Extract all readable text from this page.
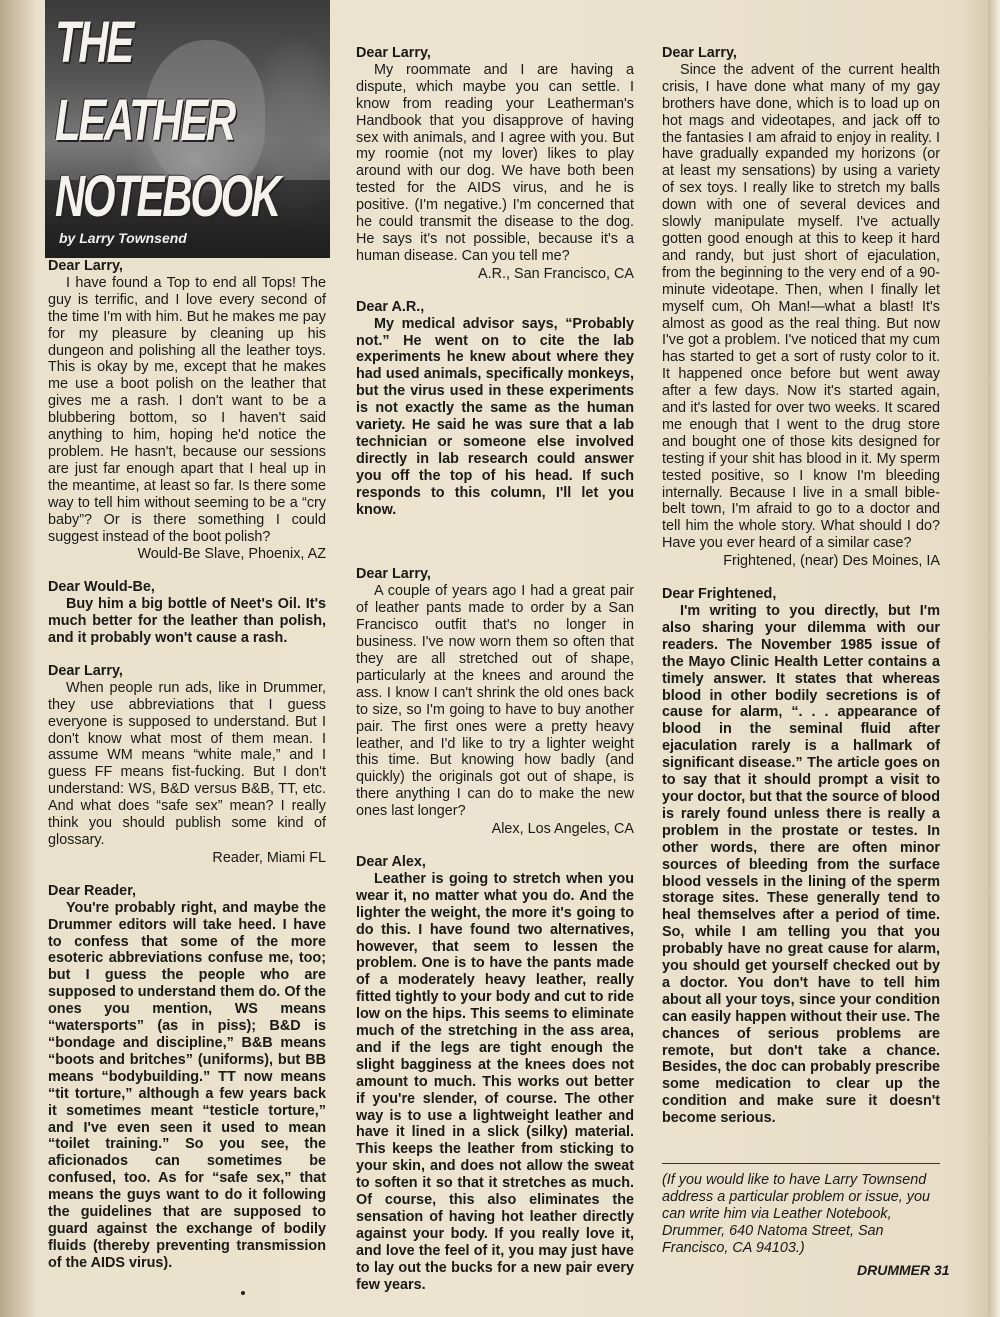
THE
LEATHER
NOTEBOOK
by Larry Townsend

Dear Larry,

I have found a Top to end all Tops! The guy is terrific, and I love every second of the time I'm with him. But he makes me pay for my pleasure by cleaning up his dungeon and polishing all the leather toys. This is okay by me, except that he makes me use a boot polish on the leather that gives me a rash. I don't want to be a blubbering bottom, so I haven't said anything to him, hoping he'd notice the problem. He hasn't, because our sessions are just far enough apart that I heal up in the meantime, at least so far. Is there some way to tell him without seeming to be a “cry baby”? Or is there something I could suggest instead of the boot polish?

Would-Be Slave, Phoenix, AZ

Dear Would-Be,

Buy him a big bottle of Neet's Oil. It's much better for the leather than polish, and it probably won't cause a rash.

Dear Larry,

When people run ads, like in Drummer, they use abbreviations that I guess everyone is supposed to understand. But I don't know what most of them mean. I assume WM means “white male,” and I guess FF means fist-fucking. But I don't understand: WS, B&D versus B&B, TT, etc. And what does “safe sex” mean? I really think you should publish some kind of glossary.

Reader, Miami FL

Dear Reader,

You're probably right, and maybe the Drummer editors will take heed. I have to confess that some of the more esoteric abbreviations confuse me, too; but I guess the people who are supposed to understand them do. Of the ones you mention, WS means “watersports” (as in piss); B&D is “bondage and discipline,” B&B means “boots and britches” (uniforms), but BB means “bodybuilding.” TT now means “tit torture,” although a few years back it sometimes meant “testicle torture,” and I've even seen it used to mean “toilet training.” So you see, the aficionados can sometimes be confused, too. As for “safe sex,” that means the guys want to do it following the guidelines that are supposed to guard against the exchange of bodily fluids (thereby preventing transmission of the AIDS virus).

Dear Larry,

My roommate and I are having a dispute, which maybe you can settle. I know from reading your Leatherman's Handbook that you disapprove of having sex with animals, and I agree with you. But my roomie (not my lover) likes to play around with our dog. We have both been tested for the AIDS virus, and he is positive. (I'm negative.) I'm concerned that he could transmit the disease to the dog. He says it's not possible, because it's a human disease. Can you tell me?

A.R., San Francisco, CA

Dear A.R.,

My medical advisor says, “Probably not.” He went on to cite the lab experiments he knew about where they had used animals, specifically monkeys, but the virus used in these experiments is not exactly the same as the human variety. He said he was sure that a lab technician or someone else involved directly in lab research could answer you off the top of his head. If such responds to this column, I'll let you know.

Dear Larry,

A couple of years ago I had a great pair of leather pants made to order by a San Francisco outfit that's no longer in business. I've now worn them so often that they are all stretched out of shape, particularly at the knees and around the ass. I know I can't shrink the old ones back to size, so I'm going to have to buy another pair. The first ones were a pretty heavy leather, and I'd like to try a lighter weight this time. But knowing how badly (and quickly) the originals got out of shape, is there anything I can do to make the new ones last longer?

Alex, Los Angeles, CA

Dear Alex,

Leather is going to stretch when you wear it, no matter what you do. And the lighter the weight, the more it's going to do this. I have found two alternatives, however, that seem to lessen the problem. One is to have the pants made of a moderately heavy leather, really fitted tightly to your body and cut to ride low on the hips. This seems to eliminate much of the stretching in the ass area, and if the legs are tight enough the slight bagginess at the knees does not amount to much. This works out better if you're slender, of course. The other way is to use a lightweight leather and have it lined in a slick (silky) material. This keeps the leather from sticking to your skin, and does not allow the sweat to soften it so that it stretches as much. Of course, this also eliminates the sensation of having hot leather directly against your body. If you really love it, and love the feel of it, you may just have to lay out the bucks for a new pair every few years.

Dear Larry,

Since the advent of the current health crisis, I have done what many of my gay brothers have done, which is to load up on hot mags and videotapes, and jack off to the fantasies I am afraid to enjoy in reality. I have gradually expanded my horizons (or at least my sensations) by using a variety of sex toys. I really like to stretch my balls down with one of several devices and slowly manipulate myself. I've actually gotten good enough at this to keep it hard and randy, but just short of ejaculation, from the beginning to the very end of a 90-minute videotape. Then, when I finally let myself cum, Oh Man!—what a blast! It's almost as good as the real thing. But now I've got a problem. I've noticed that my cum has started to get a sort of rusty color to it. It happened once before but went away after a few days. Now it's started again, and it's lasted for over two weeks. It scared me enough that I went to the drug store and bought one of those kits designed for testing if your shit has blood in it. My sperm tested positive, so I know I'm bleeding internally. Because I live in a small bible-belt town, I'm afraid to go to a doctor and tell him the whole story. What should I do? Have you ever heard of a similar case?

Frightened, (near) Des Moines, IA

Dear Frightened,

I'm writing to you directly, but I'm also sharing your dilemma with our readers. The November 1985 issue of the Mayo Clinic Health Letter contains a timely answer. It states that whereas blood in other bodily secretions is of cause for alarm, “. . . appearance of blood in the seminal fluid after ejaculation rarely is a hallmark of significant disease.” The article goes on to say that it should prompt a visit to your doctor, but that the source of blood is rarely found unless there is really a problem in the prostate or testes. In other words, there are often minor sources of bleeding from the surface blood vessels in the lining of the sperm storage sites. These generally tend to heal themselves after a period of time. So, while I am telling you that you probably have no great cause for alarm, you should get yourself checked out by a doctor. You don't have to tell him about all your toys, since your condition can easily happen without their use. The chances of serious problems are remote, but don't take a chance. Besides, the doc can probably prescribe some medication to clear up the condition and make sure it doesn't become serious.

(If you would like to have Larry Townsend address a particular problem or issue, you can write him via Leather Notebook, Drummer, 640 Natoma Street, San Francisco, CA 94103.)

DRUMMER 31
